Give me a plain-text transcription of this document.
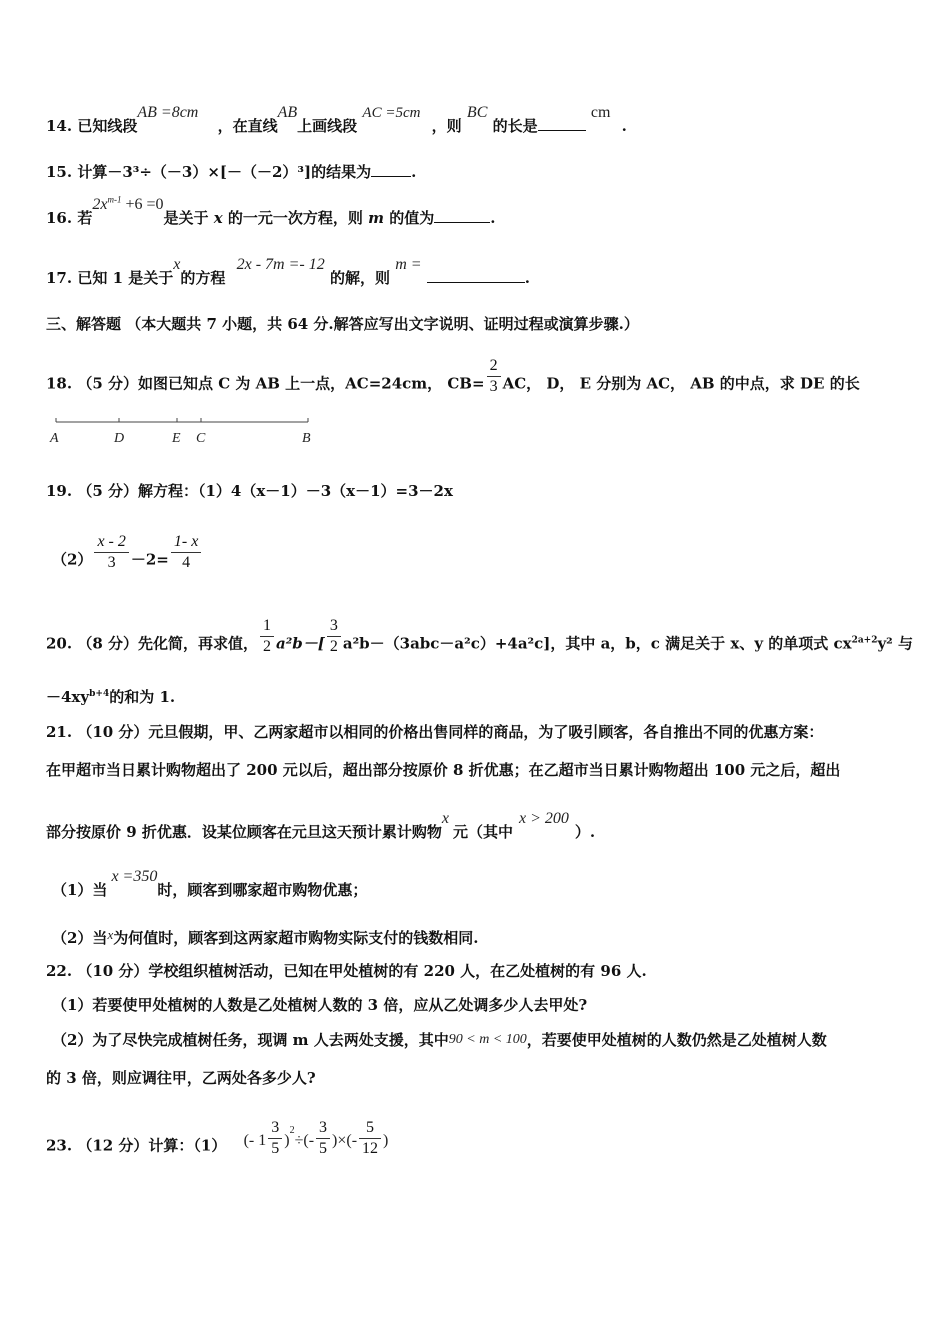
14. 已知线段AB =8cm ，在直线AB上画线段 AC =5cm ，则 BC 的长是 cm .
15. 计算－3³÷（－3）×[－（－2）³]的结果为	.
16. 若$2x^{m-1} +6 =0$是关于 x 的一元一次方程，则 m 的值为	.
17. 已知 1 是关于x的方程 2x - 7m =- 12 的解，则 m = .
三、解答题 （本大题共 7 小题，共 64 分.解答应写出文字说明、证明过程或演算步骤.）
18. （5 分）如图已知点 C 为 AB 上一点，AC=24cm， $CB= \frac{2}{3}$ AC， D， E 分别为 AC， AB 的中点，求 DE 的长
A	D	E C	B
19. （5 分）解方程：（1）4（x－1）－3（x－1）=3－2x
$(2) \frac{x - 2}{3} -2= \frac{1- x}{4}$
20. （8 分）先化简，再求值， $\frac{1}{2} a^2b-[ \frac{3}{2} a^2b-(3abc-a^2c)+4a^2c]$，其中 a，b，c 满足关于 x、y 的单项式 $cx^{2a+2}y^2$ 与
$-4xy^{b+4}$的和为 1.
21. （10 分）元旦假期，甲、乙两家超市以相同的价格出售同样的商品，为了吸引顾客，各自推出不同的优惠方案：
在甲超市当日累计购物超出了 200 元以后，超出部分按原价 8 折优惠；在乙超市当日累计购物超出 100 元之后，超出
部分按原价 9 折优惠．设某位顾客在元旦这天预计累计购物x元（其中x > 200）.
（1）当x =350时，顾客到哪家超市购物优惠；
（2）当x为何值时，顾客到这两家超市购物实际支付的钱数相同.
22. （10 分）学校组织植树活动，已知在甲处植树的有 220 人，在乙处植树的有 96 人.
（1）若要使甲处植树的人数是乙处植树人数的 3 倍，应从乙处调多少人去甲处?
（2）为了尽快完成植树任务，现调 m 人去两处支援，其中90 < m < 100，若要使甲处植树的人数仍然是乙处植树人数
的 3 倍，则应调往甲，乙两处各多少人?
23. （12 分）计算：（1） (- $1 \frac{3}{5} )^2\div(- \frac{3}{5}$ )×(- $\frac{5}{12}$ )
